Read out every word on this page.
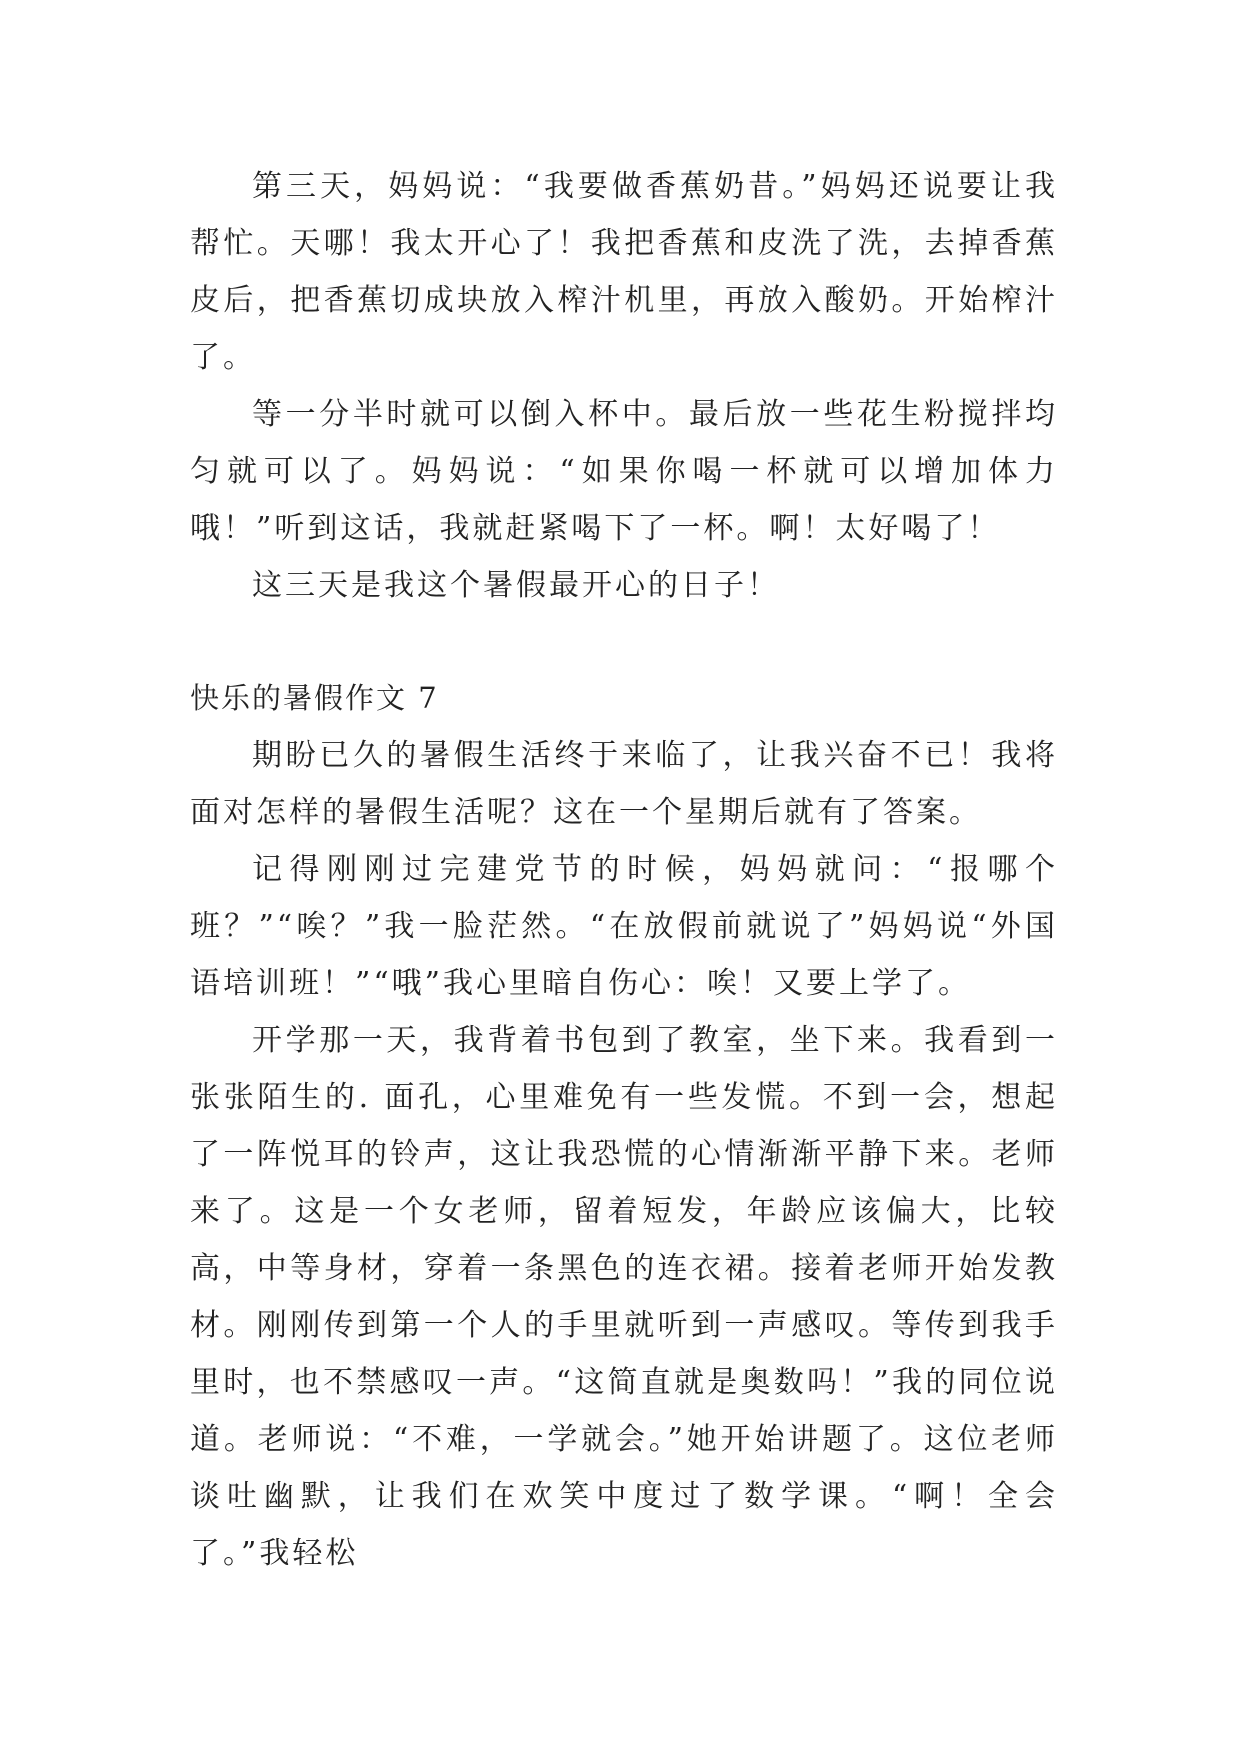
第三天，妈妈说：“我要做香蕉奶昔。”妈妈还说要让我帮忙。天哪！我太开心了！我把香蕉和皮洗了洗，去掉香蕉皮后，把香蕉切成块放入榨汁机里，再放入酸奶。开始榨汁了。

等一分半时就可以倒入杯中。最后放一些花生粉搅拌均匀就可以了。妈妈说：“如果你喝一杯就可以增加体力哦！”听到这话，我就赶紧喝下了一杯。啊！太好喝了！

这三天是我这个暑假最开心的日子！

快乐的暑假作文 7

期盼已久的暑假生活终于来临了，让我兴奋不已！我将面对怎样的暑假生活呢？这在一个星期后就有了答案。

记得刚刚过完建党节的时候，妈妈就问：“报哪个班？”“唉？”我一脸茫然。“在放假前就说了”妈妈说“外国语培训班！”“哦”我心里暗自伤心：唉！又要上学了。

开学那一天，我背着书包到了教室，坐下来。我看到一张张陌生的. 面孔，心里难免有一些发慌。不到一会，想起了一阵悦耳的铃声，这让我恐慌的心情渐渐平静下来。老师来了。这是一个女老师，留着短发，年龄应该偏大，比较高，中等身材，穿着一条黑色的连衣裙。接着老师开始发教材。刚刚传到第一个人的手里就听到一声感叹。等传到我手里时，也不禁感叹一声。“这简直就是奥数吗！”我的同位说道。老师说：“不难，一学就会。”她开始讲题了。这位老师谈吐幽默，让我们在欢笑中度过了数学课。“啊！全会了。”我轻松
